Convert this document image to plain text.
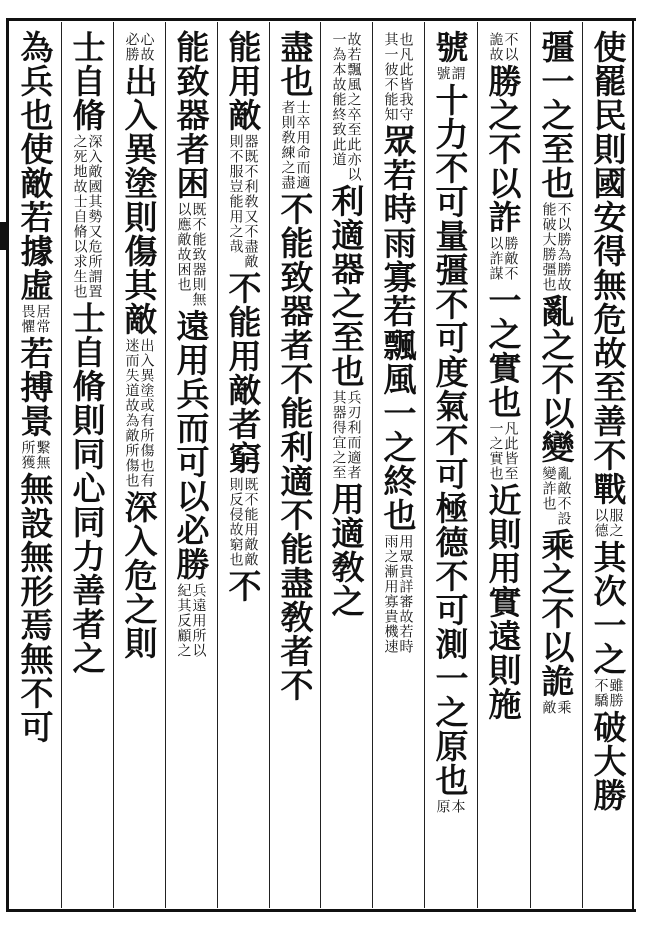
使罷民則國安得無危故至善不戰
服之
以德
其次一之
雖勝
不驕
破大勝
彊一之至也
不以勝為勝故
能破大勝彊也
亂之不以變
亂敵不設
變詐也
乘之不以詭
乘
敵
不以
詭故
勝之不以詐
勝敵不
以詐謀
一之實也
凡此皆至
一之實也
近則用實遠則施
號
謂
號
十力不可量彊不可度氣不可極德不可測一之原也
本
原
也凡此皆我守
其一彼不能知
眾若時雨寡若飄風一之終也
用眾貴詳審故若時
雨之漸用寡貴機速
故若飄風之卒至此亦以
一為本故能終致此道
利適器之至也
兵刃利而適者
其器得宜之至
用適敎之
盡也
士卒用命而適
者則敎練之盡
不能致器者不能利適不能盡敎者不
能用敵
器既不利敎又不盡敵
則不服豈能用之哉
不能用敵者窮
既不能用敵敵
則反侵故窮也
不
能致器者困
既不能致器則無
以應敵故困也
遠用兵而可以必勝
兵遠用所以
紀其反顧之
心故
必勝
出入異塗則傷其敵
出入異塗或有所傷也有
迷而失道故為敵所傷也
深入危之則
士自脩
深入敵國其勢又危所謂置
之死地故士自脩以求生也
士自脩則同心同力善者之
為兵也使敵若據虛
居常
畏懼
若搏景
繫無
所獲
無設無形焉無不可
